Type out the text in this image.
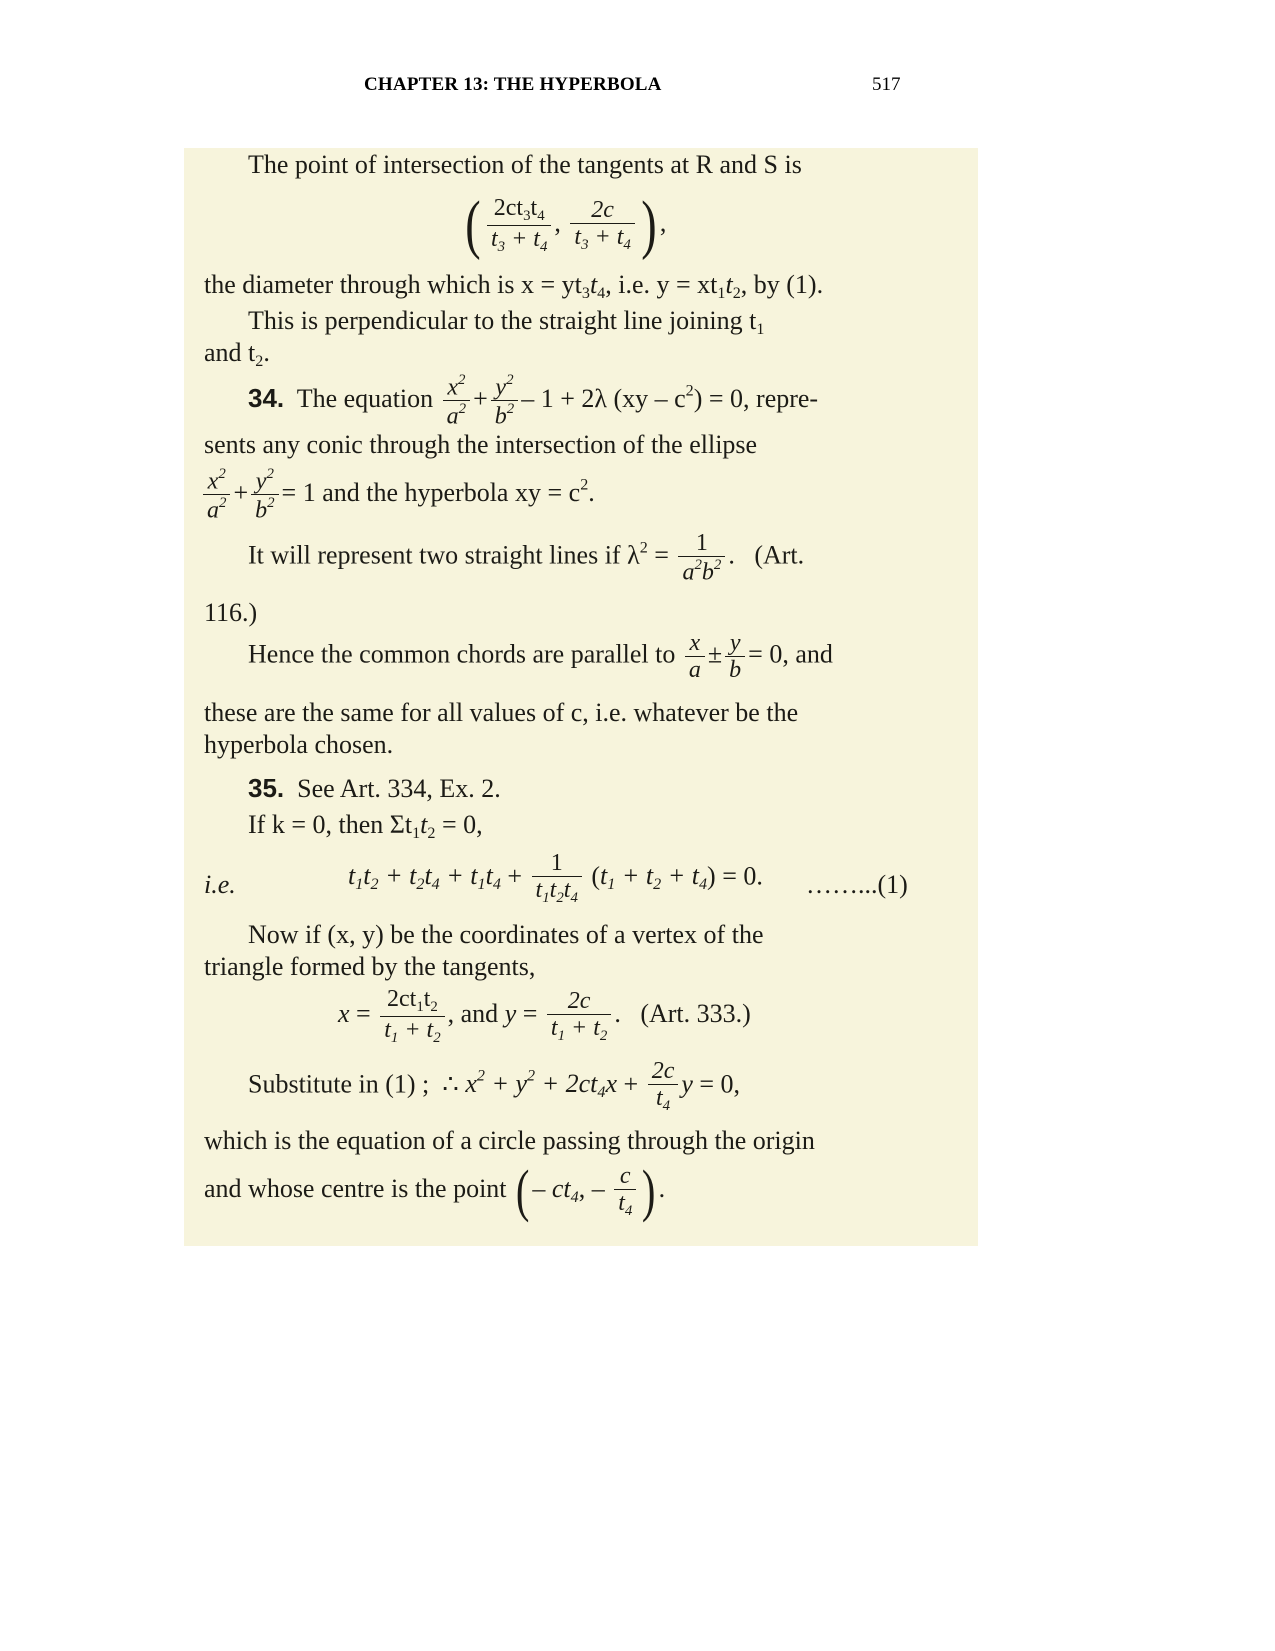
CHAPTER 13: THE HYPERBOLA	517
The point of intersection of the tangents at R and S is
( $\frac{2ct_3t_4}{t_3 + t_4}$ , $\frac{2c}{t_3 + t_4}$ ) ,
the diameter through which is $x = yt_3t_4$, i.e. $y = xt_1t_2$, by (1).
This is perpendicular to the straight line joining $t_1$
and $t_2$.
34. The equation $\frac{x^2}{a^2} + \frac{y^2}{b^2} - 1 + 2\lambda$ $(xy - c^2) = 0$, repre-
sents any conic through the intersection of the ellipse
$\frac{x^2}{a^2} + \frac{y^2}{b^2} = 1$ and the hyperbola xy = $c^2$.
It will represent two straight lines if $\lambda^2 = \frac{1}{a^2b^2}$ .   (Art.
116.)
Hence the common chords are parallel to $\frac{x}{a} \pm \frac{y}{b} = 0$, and
these are the same for all values of c, i.e. whatever be the
hyperbola chosen.
35. See Art. 334, Ex. 2.
If k = 0, then $\Sigma t_1t_2 = 0$,
i.e.	$t_1t_2 + t_2t_4 + t_1t_4 + \frac{1}{t_1t_2t_4} (t_1 + t_2 + t_4) = 0$. ……...(1)
Now if (x, y) be the coordinates of a vertex of the
triangle formed by the tangents,
$x = \frac{2ct_1t_2}{t_1 + t_2}$ , and $y = \frac{2c}{t_1 + t_2}$ .   (Art. 333.)
Substitute in (1) ;  ∴ $x^2 + y^2 + 2ct_4x + \frac{2c}{t_4}$ y = 0,
which is the equation of a circle passing through the origin
and whose centre is the point ( – $ct_4$, – $\frac{c}{t_4}$ ) .
